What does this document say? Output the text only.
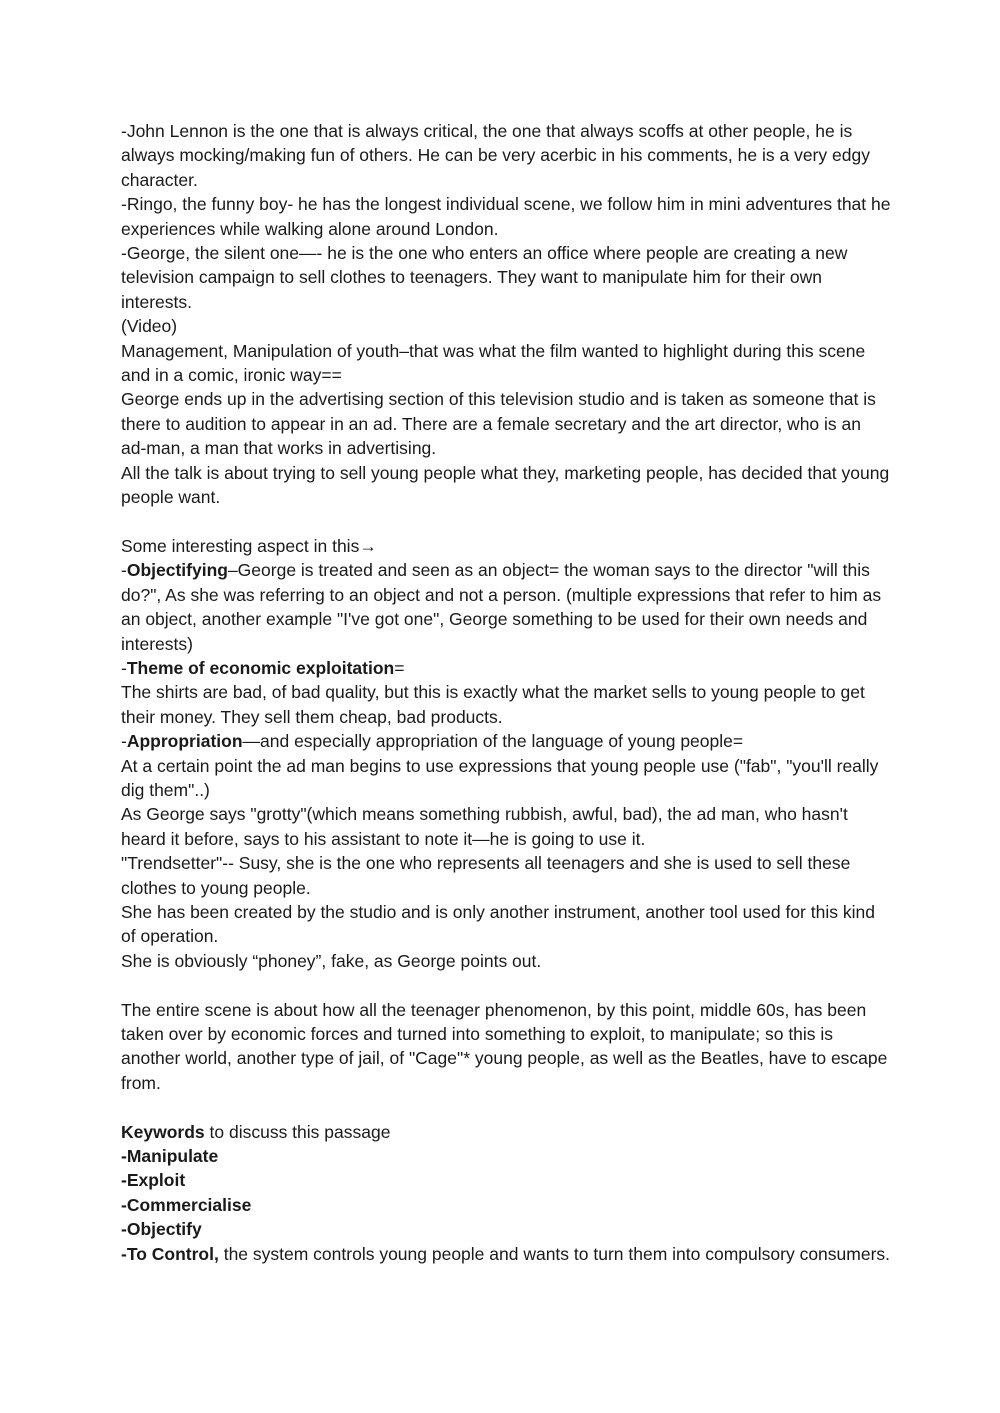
-John Lennon is the one that is always critical, the one that always scoffs at other people, he is always mocking/making fun of others. He can be very acerbic in his comments, he is a very edgy character.

-Ringo, the funny boy- he has the longest individual scene, we follow him in mini adventures that he experiences while walking alone around London.

-George, the silent one—- he is the one who enters an office where people are creating a new television campaign to sell clothes to teenagers. They want to manipulate him for their own interests.

(Video)

Management, Manipulation of youth–that was what the film wanted to highlight during this scene and in a comic, ironic way==

George ends up in the advertising section of this television studio and is taken as someone that is there to audition to appear in an ad. There are a female secretary and the art director, who is an ad-man, a man that works in advertising.

All the talk is about trying to sell young people what they, marketing people, has decided that young people want.

Some interesting aspect in this→

-Objectifying–George is treated and seen as an object= the woman says to the director "will this do?", As she was referring to an object and not a person. (multiple expressions that refer to him as an object, another example "I've got one", George something to be used for their own needs and interests)

-Theme of economic exploitation=

The shirts are bad, of bad quality, but this is exactly what the market sells to young people to get their money. They sell them cheap, bad products.

-Appropriation—and especially appropriation of the language of young people=

At a certain point the ad man begins to use expressions that young people use ("fab", "you'll really dig them"..)

As George says "grotty"(which means something rubbish, awful, bad), the ad man, who hasn't heard it before, says to his assistant to note it—he is going to use it.

"Trendsetter"-- Susy, she is the one who represents all teenagers and she is used to sell these clothes to young people.

She has been created by the studio and is only another instrument, another tool used for this kind of operation.

She is obviously “phoney”, fake, as George points out.

The entire scene is about how all the teenager phenomenon, by this point, middle 60s, has been taken over by economic forces and turned into something to exploit, to manipulate; so this is another world, another type of jail, of "Cage"* young people, as well as the Beatles, have to escape from.

Keywords to discuss this passage

-Manipulate

-Exploit

-Commercialise

-Objectify

-To Control, the system controls young people and wants to turn them into compulsory consumers.
